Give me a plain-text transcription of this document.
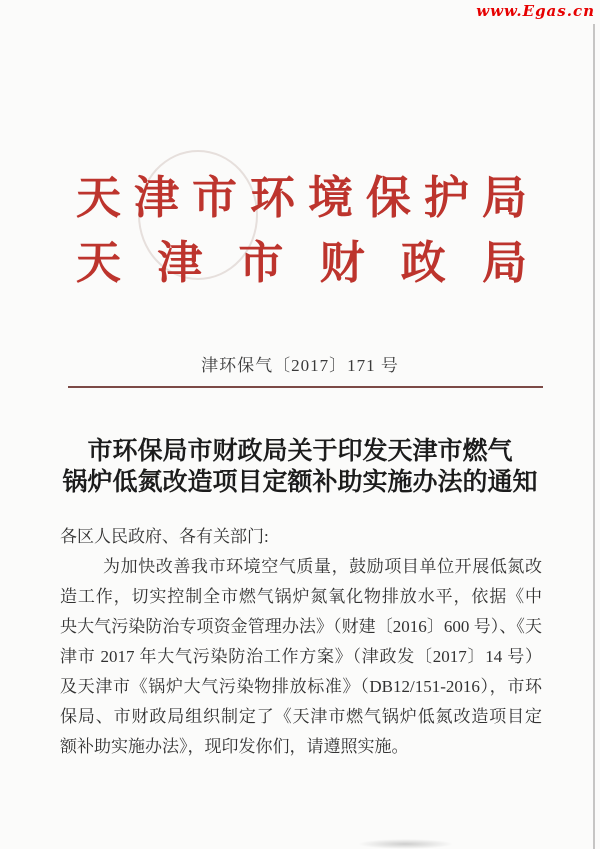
www.Egas.cn
天 津 市 环 境 保 护 局
天 津 市 财 政 局
津环保气〔2017〕171 号
市环保局市财政局关于印发天津市燃气
锅炉低氮改造项目定额补助实施办法的通知
各区人民政府、各有关部门:
为加快改善我市环境空气质量，鼓励项目单位开展低氮改
造工作，切实控制全市燃气锅炉氮氧化物排放水平，依据《中
央大气污染防治专项资金管理办法》（财建〔2016〕600 号）、《天
津市 2017 年大气污染防治工作方案》（津政发〔2017〕14 号）
及天津市《锅炉大气污染物排放标准》（DB12/151-2016），市环
保局、市财政局组织制定了《天津市燃气锅炉低氮改造项目定
额补助实施办法》，现印发你们，请遵照实施。
